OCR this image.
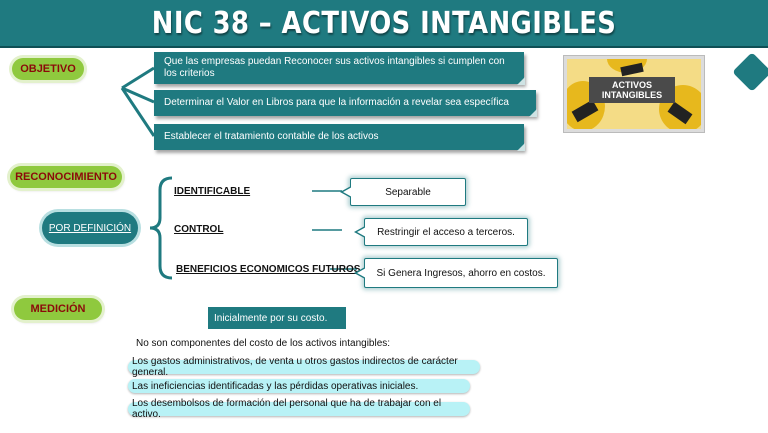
NIC 38 – ACTIVOS INTANGIBLES
OBJETIVO
Que las empresas puedan Reconocer sus activos intangibles si cumplen con los criterios
Determinar el Valor en Libros para que la información a revelar sea específica
Establecer el tratamiento contable de los activos
ACTIVOS INTANGIBLES
RECONOCIMIENTO
POR DEFINICIÓN
IDENTIFICABLE
CONTROL
BENEFICIOS ECONOMICOS FUTUROS
Separable
Restringir el acceso a terceros.
Si Genera Ingresos, ahorro en costos.
MEDICIÓN
Inicialmente por su costo.
No son componentes del costo de los activos intangibles:
Los gastos administrativos, de venta u otros gastos indirectos de carácter general.
Las ineficiencias identificadas y las pérdidas operativas iniciales.
Los desembolsos de formación del personal que ha de trabajar con el activo.
